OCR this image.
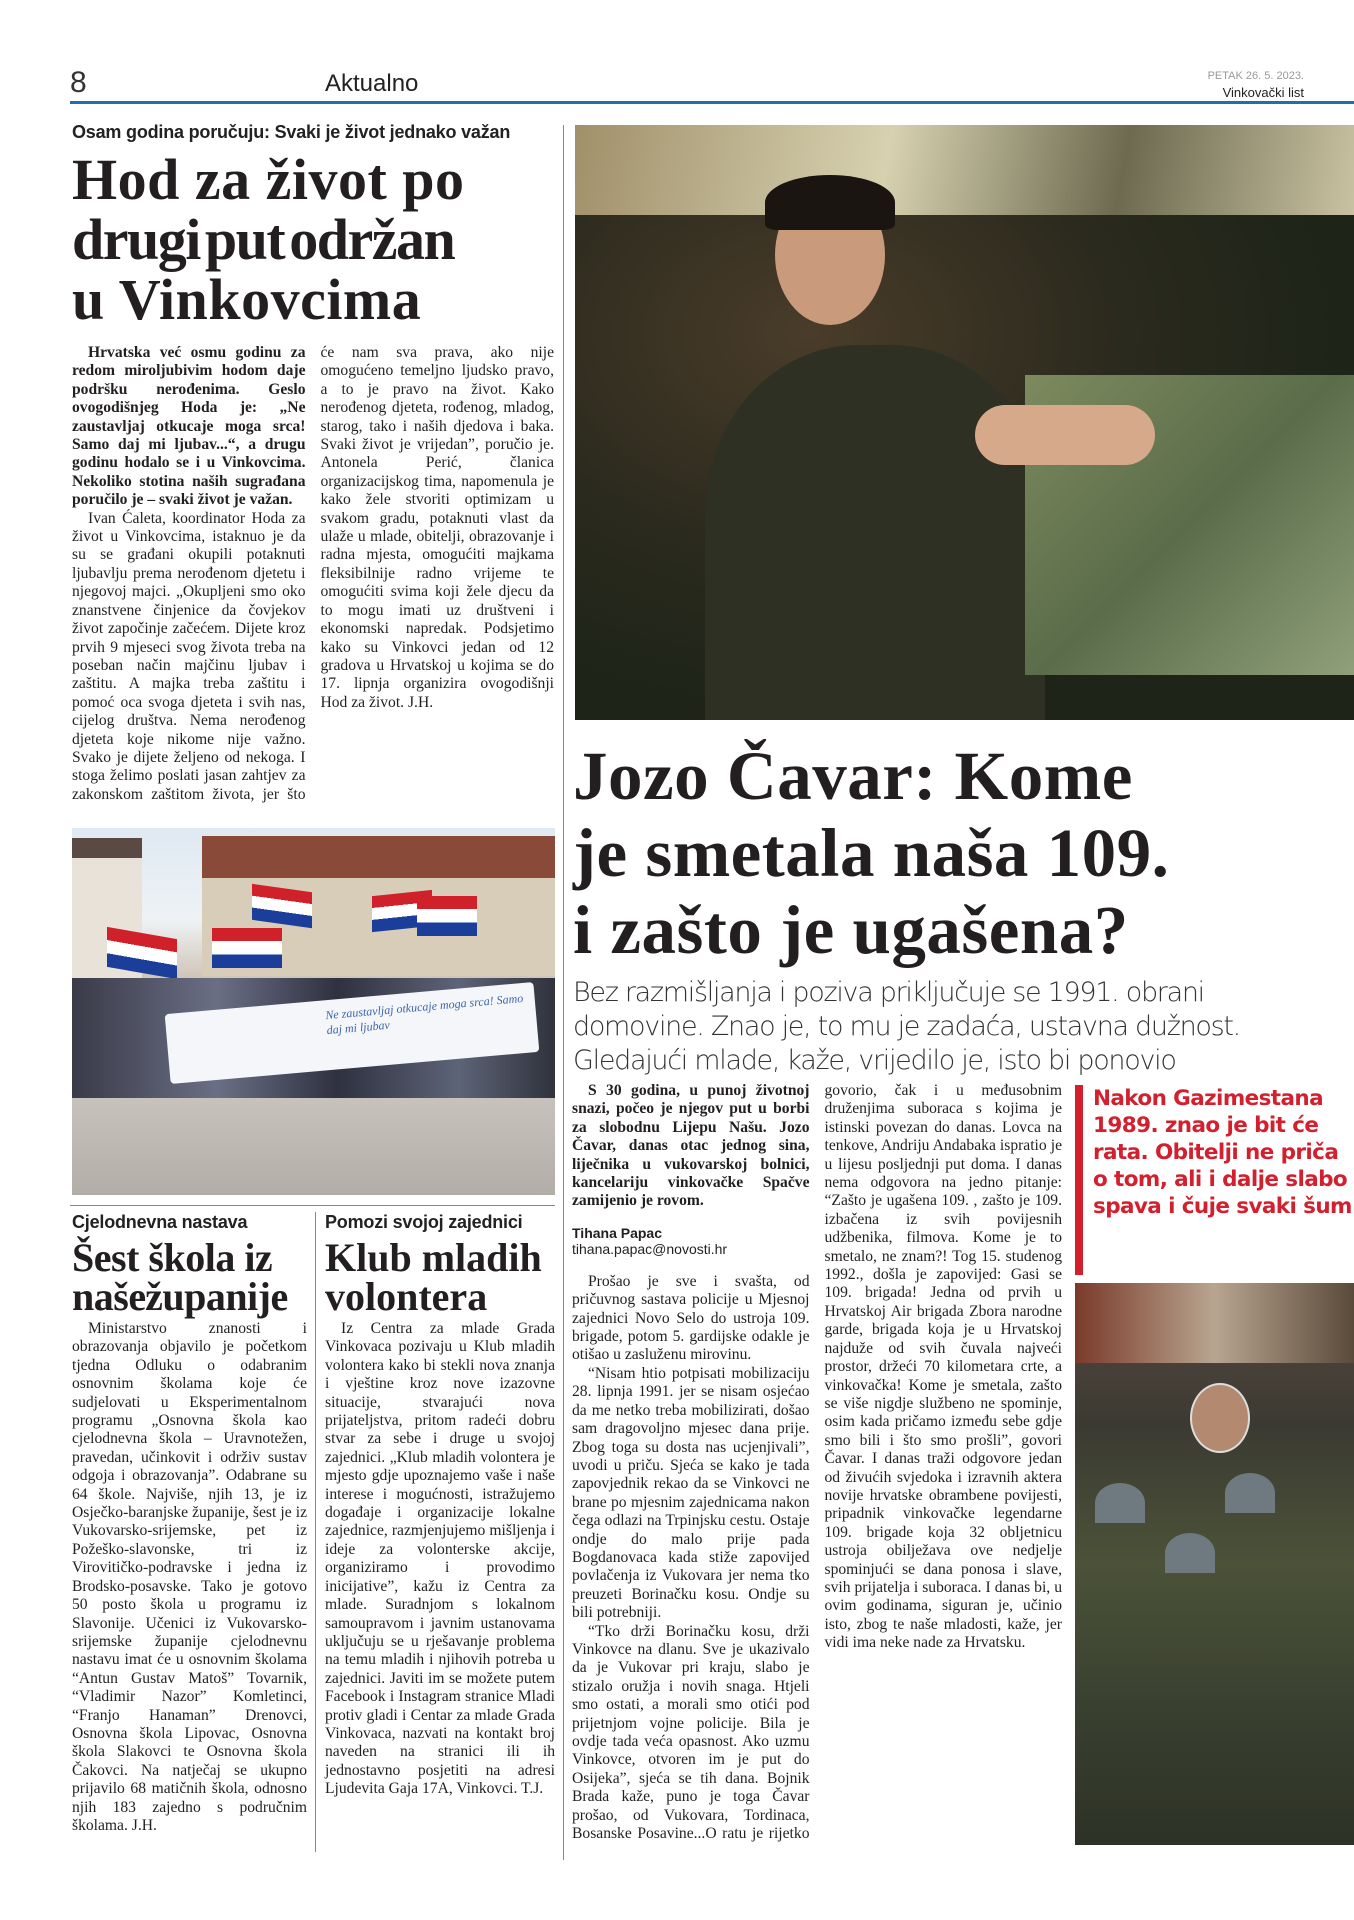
8	Aktualno	PETAK 26. 5. 2023.
Vinkovački list
Osam godina poručuju: Svaki je život jednako važan
Hod za život po
drugi put održan
u Vinkovcima

Hrvatska već osmu godinu za redom miroljubivim hodom daje podršku nerođenima. Geslo ovogodišnjeg Hoda je: „Ne zaustavljaj otkucaje moga srca! Samo daj mi ljubav...“, a drugu godinu hodalo se i u Vinkovcima. Nekoliko stotina naših sugrađana poručilo je – svaki život je važan.

Ivan Ćaleta, koordinator Hoda za život u Vinkovcima, istaknuo je da su se građani okupili potaknuti ljubavlju prema nerođenom djetetu i njegovoj majci. „Okupljeni smo oko znanstvene činjenice da čovjekov život započinje začećem. Dijete kroz prvih 9 mjeseci svog života treba na poseban način majčinu ljubav i zaštitu. A majka treba zaštitu i pomoć oca svoga djeteta i svih nas, cijelog društva. Nema nerođenog djeteta koje nikome nije važno. Svako je dijete željeno od nekoga. I stoga želimo poslati jasan zahtjev za zakonskom zaštitom života, jer što će nam sva prava, ako nije omogućeno temeljno ljudsko pravo, a to je pravo na život. Kako nerođenog djeteta, rođenog, mladog, starog, tako i naših djedova i baka. Svaki život je vrijedan”, poručio je. Antonela Perić, članica organizacijskog tima, napomenula je kako žele stvoriti optimizam u svakom gradu, potaknuti vlast da ulaže u mlade, obitelji, obrazovanje i radna mjesta, omogućiti majkama fleksibilnije radno vrijeme te omogućiti svima koji žele djecu da to mogu imati uz društveni i ekonomski napredak. Podsjetimo kako su Vinkovci jedan od 12 gradova u Hrvatskoj u kojima se do 17. lipnja organizira ovogodišnji Hod za život. J.H.

Ne zaustavljaj otkucaje moga srca! Samo daj mi ljubav
Cjelodnevna nastava
Šest škola iz
naše županije

Ministarstvo znanosti i obrazovanja objavilo je početkom tjedna Odluku o odabranim osnovnim školama koje će sudjelovati u Eksperimentalnom programu „Osnovna škola kao cjelodnevna škola – Uravnotežen, pravedan, učinkovit i održiv sustav odgoja i obrazovanja”. Odabrane su 64 škole. Najviše, njih 13, je iz Osječko-baranjske županije, šest je iz Vukovarsko-srijemske, pet iz Požeško-slavonske, tri iz Virovitičko-podravske i jedna iz Brodsko-posavske. Tako je gotovo 50 posto škola u programu iz Slavonije. Učenici iz Vukovarsko-srijemske županije cjelodnevnu nastavu imat će u osnovnim školama “Antun Gustav Matoš” Tovarnik, “Vladimir Nazor” Komletinci, “Franjo Hanaman” Drenovci, Osnovna škola Lipovac, Osnovna škola Slakovci te Osnovna škola Čakovci. Na natječaj se ukupno prijavilo 68 matičnih škola, odnosno njih 183 zajedno s područnim školama. J.H.

Pomozi svojoj zajednici
Klub mladih
volontera

Iz Centra za mlade Grada Vinkovaca pozivaju u Klub mladih volontera kako bi stekli nova znanja i vještine kroz nove izazovne situacije, stvarajući nova prijateljstva, pritom radeći dobru stvar za sebe i druge u svojoj zajednici. „Klub mladih volontera je mjesto gdje upoznajemo vaše i naše interese i mogućnosti, istražujemo događaje i organizacije lokalne zajednice, razmjenjujemo mišljenja i ideje za volonterske akcije, organiziramo i provodimo inicijative”, kažu iz Centra za mlade. Suradnjom s lokalnom samoupravom i javnim ustanovama uključuju se u rješavanje problema na temu mladih i njihovih potreba u zajednici. Javiti im se možete putem Facebook i Instagram stranice Mladi protiv gladi i Centar za mlade Grada Vinkovaca, nazvati na kontakt broj naveden na stranici ili ih jednostavno posjetiti na adresi Ljudevita Gaja 17A, Vinkovci. T.J.

Jozo Čavar: Kome
je smetala naša 109.
i zašto je ugašena?
Bez razmišljanja i poziva priključuje se 1991. obrani domovine. Znao je, to mu je zadaća, ustavna dužnost. Gledajući mlade, kaže, vrijedilo je, isto bi ponovio

S 30 godina, u punoj životnoj snazi, počeo je njegov put u borbi za slobodnu Lijepu Našu. Jozo Čavar, danas otac jednog sina, liječnika u vukovarskoj bolnici, kancelariju vinkovačke Spačve zamijenio je rovom.

Tihana Papac

tihana.papac@novosti.hr

Prošao je sve i svašta, od pričuvnog sastava policije u Mjesnoj zajednici Novo Selo do ustroja 109. brigade, potom 5. gardijske odakle je otišao u zasluženu mirovinu.

“Nisam htio potpisati mobilizaciju 28. lipnja 1991. jer se nisam osjećao da me netko treba mobilizirati, došao sam dragovoljno mjesec dana prije. Zbog toga su dosta nas ucjenjivali”, uvodi u priču. Sjeća se kako je tada zapovjednik rekao da se Vinkovci ne brane po mjesnim zajednicama nakon čega odlazi na Trpinjsku cestu. Ostaje ondje do malo prije pada Bogdanovaca kada stiže zapovijed povlačenja iz Vukovara jer nema tko preuzeti Borinačku kosu. Ondje su bili potrebniji.

“Tko drži Borinačku kosu, drži Vinkovce na dlanu. Sve je ukazivalo da je Vukovar pri kraju, slabo je stizalo oružja i novih snaga. Htjeli smo ostati, a morali smo otići pod prijetnjom vojne policije. Bila je ovdje tada veća opasnost. Ako uzmu Vinkovce, otvoren im je put do Osijeka”, sjeća se tih dana. Bojnik Brada kaže, puno je toga Čavar prošao, od Vukovara, Tordinaca, Bosanske Posavine...O ratu je rijetko govorio, čak i u međusobnim druženjima suboraca s kojima je istinski povezan do danas. Lovca na tenkove, Andriju Andabaka ispratio je u lijesu posljednji put doma. I danas nema odgovora na jedno pitanje: “Zašto je ugašena 109. , zašto je 109. izbačena iz svih povijesnih udžbenika, filmova. Kome je to smetalo, ne znam?! Tog 15. studenog 1992., došla je zapovijed: Gasi se 109. brigada! Jedna od prvih u Hrvatskoj Air brigada Zbora narodne garde, brigada koja je u Hrvatskoj najduže od svih čuvala najveći prostor, držeći 70 kilometara crte, a vinkovačka! Kome je smetala, zašto se više nigdje službeno ne spominje, osim kada pričamo između sebe gdje smo bili i što smo prošli”, govori Čavar. I danas traži odgovore jedan od živućih svjedoka i izravnih aktera novije hrvatske obrambene povijesti, pripadnik vinkovačke legendarne 109. brigade koja 32 obljetnicu ustroja obilježava ove nedjelje spominjući se dana ponosa i slave, svih prijatelja i suboraca. I danas bi, u ovim godinama, siguran je, učinio isto, zbog te naše mladosti, kaže, jer vidi ima neke nade za Hrvatsku.

Nakon Gazimestana 1989. znao je bit će rata. Obitelji ne priča o tom, ali i dalje slabo spava i čuje svaki šum
